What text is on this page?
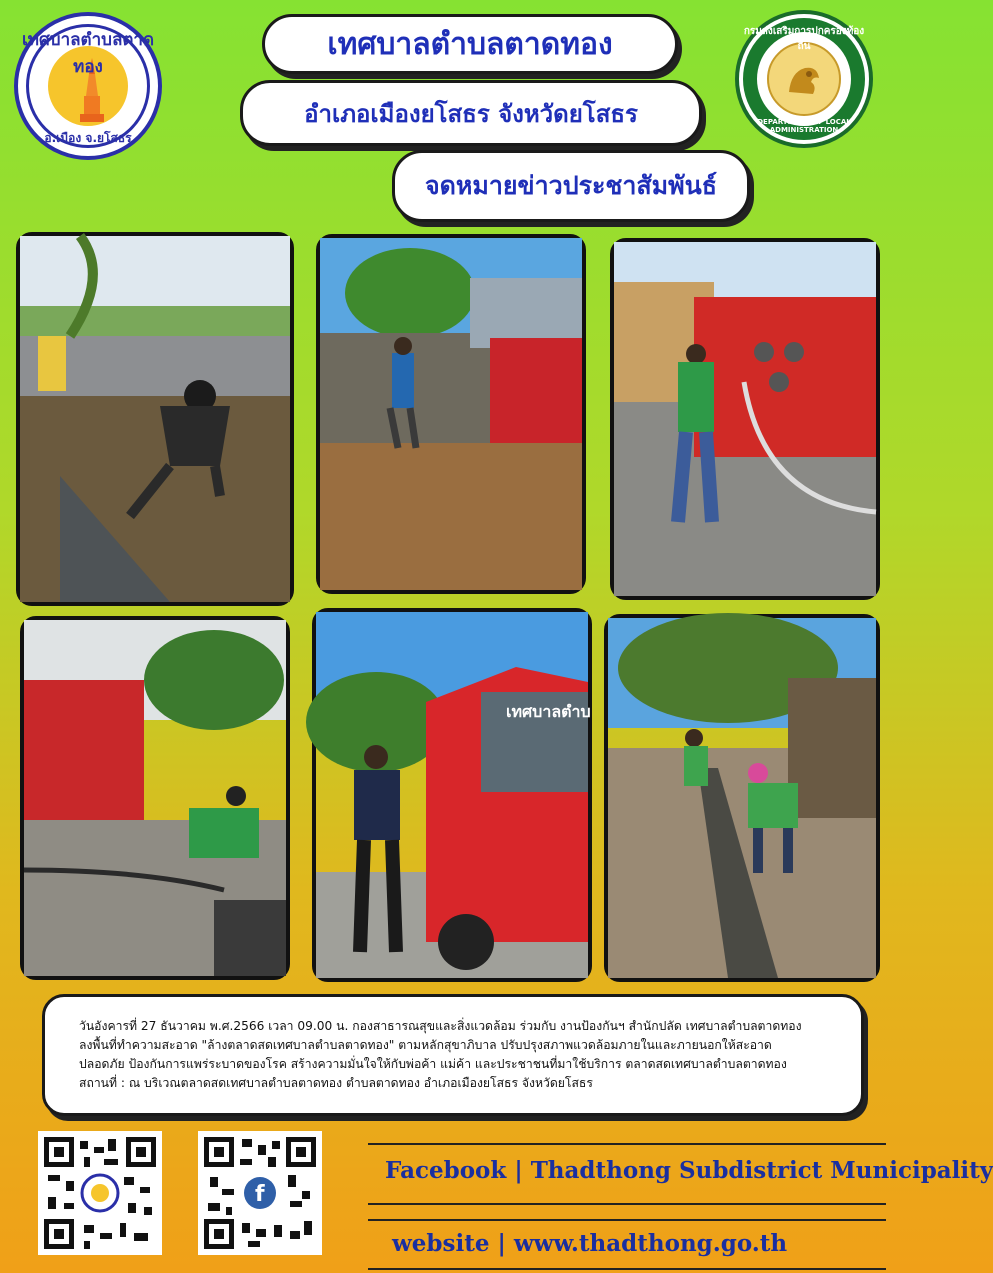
เทศบาลตำบลตาดทอง
อ.เมือง จ.ยโสธร
กรมส่งเสริมการปกครองท้องถิ่น
DEPARTMENT OF LOCAL ADMINISTRATION
เทศบาลตำบลตาดทอง
อำเภอเมืองยโสธร จังหวัดยโสธร
จดหมายข่าวประชาสัมพันธ์
เทศบาลตำบ

วันอังคารที่ 27 ธันวาคม พ.ศ.2566 เวลา 09.00 น. กองสาธารณสุขและสิ่งแวดล้อม ร่วมกับ งานป้องกันฯ สำนักปลัด เทศบาลตำบลตาดทอง

ลงพื้นที่ทำความสะอาด "ล้างตลาดสดเทศบาลตำบลตาดทอง" ตามหลักสุขาภิบาล ปรับปรุงสภาพแวดล้อมภายในและภายนอกให้สะอาด

ปลอดภัย ป้องกันการแพร่ระบาดของโรค สร้างความมั่นใจให้กับพ่อค้า แม่ค้า และประชาชนที่มาใช้บริการ ตลาดสดเทศบาลตำบลตาดทอง

สถานที่ : ณ บริเวณตลาดสดเทศบาลตำบลตาดทอง ตำบลตาดทอง อำเภอเมืองยโสธร จังหวัดยโสธร

f
Facebook | Thadthong Subdistrict Municipality
website | www.thadthong.go.th
